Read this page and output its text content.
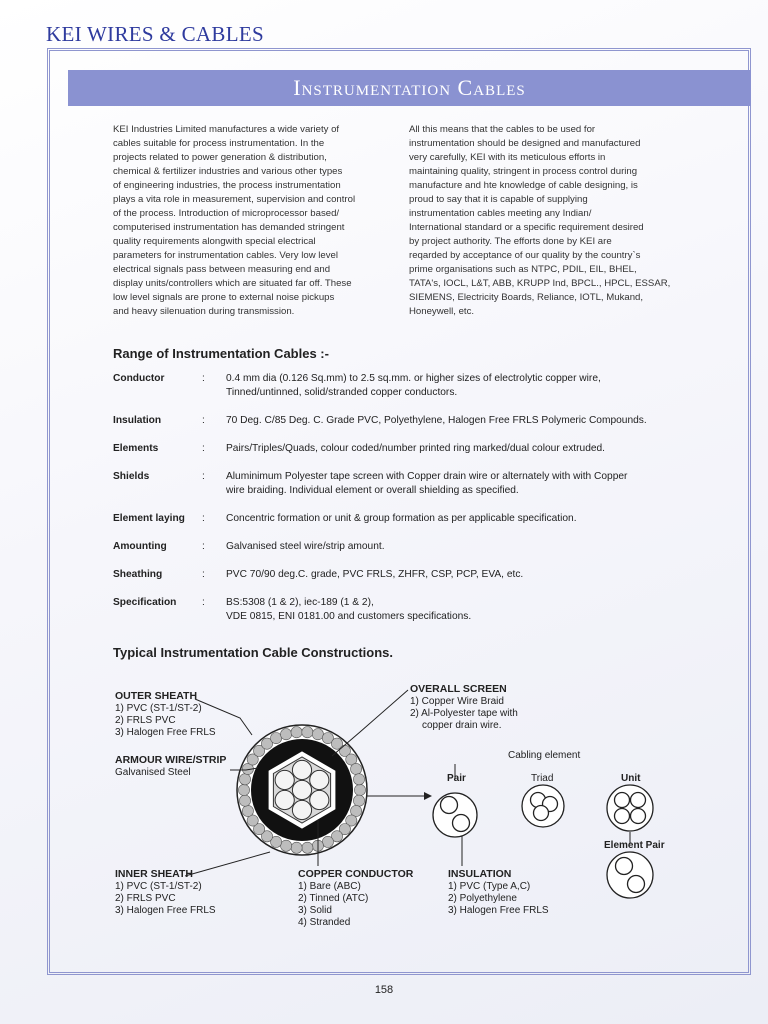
KEI WIRES & CABLES
Instrumentation Cables
KEI Industries Limited manufactures a wide variety of
cables suitable for process instrumentation. In the
projects related to power generation & distribution,
chemical & fertilizer industries and various other types
of engineering industries, the process instrumentation
plays a vita role in measurement, supervision and control
of the process. Introduction of microprocessor based/
computerised instrumentation has demanded stringent
quality requirements alongwith special electrical
parameters for instrumentation cables. Very low level
electrical signals pass between measuring end and
display units/controllers which are situated far off. These
low level signals are prone to external noise pickups
and heavy silenuation during transmission.
All this means that the cables to be used for
instrumentation should be designed and manufactured
very carefully, KEI with its meticulous efforts in
maintaining quality, stringent in process control during
manufacture and hte knowledge of cable designing, is
proud to say that it is capable of supplying
instrumentation cables meeting any Indian/
International standard or a specific requirement desired
by project authority. The efforts done by KEI are
reqarded by acceptance of our quality by the country`s
prime organisations such as NTPC, PDIL, EIL, BHEL,
TATA's, IOCL, L&T, ABB, KRUPP Ind, BPCL., HPCL, ESSAR,
SIEMENS, Electricity Boards, Reliance, IOTL, Mukand,
Honeywell, etc.
Range of Instrumentation Cables :-
Conductor	: 0.4 mm dia (0.126 Sq.mm) to 2.5 sq.mm. or higher sizes of electrolytic copper wire,
Tinned/untinned, solid/stranded copper conductors.
Insulation	: 70 Deg. C/85 Deg. C. Grade PVC, Polyethylene, Halogen Free FRLS Polymeric Compounds.
Elements	: Pairs/Triples/Quads, colour coded/number printed ring marked/dual colour extruded.
Shields	: Aluminimum Polyester tape screen with Copper drain wire or alternately with with Copper
wire braiding. Individual element or overall shielding as specified.
Element laying	: Concentric formation or unit & group formation as per applicable specification.
Amounting	: Galvanised steel wire/strip amount.
Sheathing	: PVC 70/90 deg.C. grade, PVC FRLS, ZHFR, CSP, PCP, EVA, etc.
Specification	: BS:5308 (1 & 2), iec-189 (1 & 2),
VDE 0815, ENI 0181.00 and customers specifications.
Typical Instrumentation Cable Constructions.
OUTER SHEATH
1) PVC (ST-1/ST-2)
2) FRLS PVC
3) Halogen Free FRLS
ARMOUR WIRE/STRIP
Galvanised Steel
INNER SHEATH
1) PVC (ST-1/ST-2)
2) FRLS PVC
3) Halogen Free FRLS
OVERALL SCREEN
1) Copper Wire Braid
2) Al-Polyester tape with
copper drain wire.
COPPER CONDUCTOR
1) Bare (ABC)
2) Tinned (ATC)
3) Solid
4) Stranded
INSULATION
1) PVC (Type A,C)
2) Polyethylene
3) Halogen Free FRLS
Cabling element
Pair	Triad	Unit
Element Pair
158
